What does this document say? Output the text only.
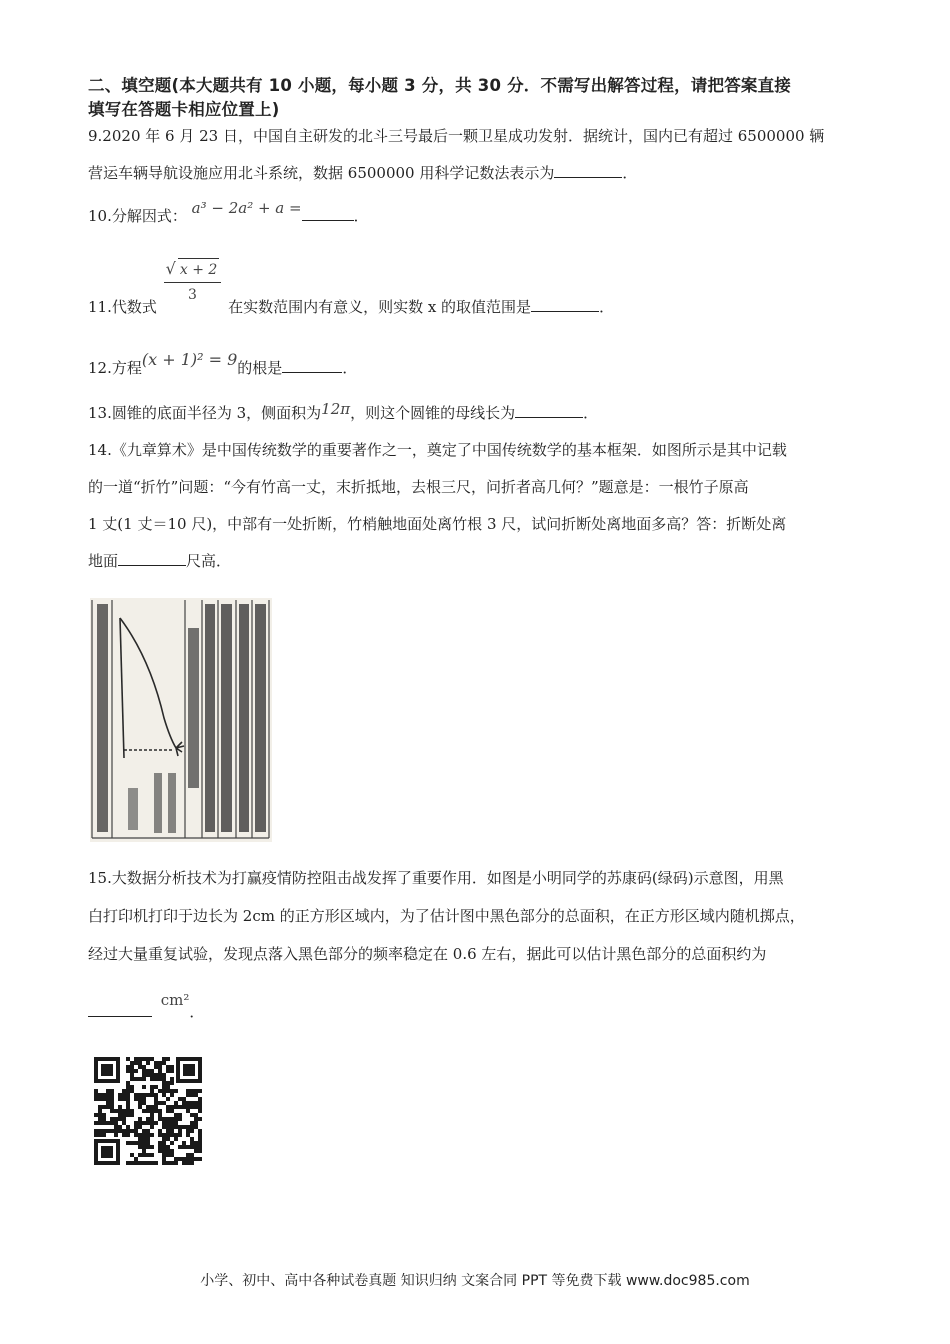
二、填空题(本大题共有 10 小题，每小题 3 分，共 30 分．不需写出解答过程，请把答案直接
填写在答题卡相应位置上)
9.2020 年 6 月 23 日，中国自主研发的北斗三号最后一颗卫星成功发射．据统计，国内已有超过 6500000 辆
营运车辆导航设施应用北斗系统，数据 6500000 用科学记数法表示为	．
10.分解因式： a³ − 2a² + a =	．
11.代数式
$\frac{√ x + 2}{3}$
在实数范围内有意义，则实数 x 的取值范围是	．
12.方程(x + 1)² = 9的根是	．
13.圆锥的底面半径为 3，侧面积为12π，则这个圆锥的母线长为	．
14.《九章算术》是中国传统数学的重要著作之一，奠定了中国传统数学的基本框架．如图所示是其中记载
的一道“折竹”问题：“今有竹高一丈，末折抵地，去根三尺，问折者高几何？”题意是：一根竹子原高
1 丈(1 丈＝10 尺)，中部有一处折断，竹梢触地面处离竹根 3 尺，试问折断处离地面多高？答：折断处离
地面	尺高．
15.大数据分析技术为打赢疫情防控阻击战发挥了重要作用．如图是小明同学的苏康码(绿码)示意图，用黑
白打印机打印于边长为 2cm 的正方形区域内，为了估计图中黑色部分的总面积，在正方形区域内随机掷点，
经过大量重复试验，发现点落入黑色部分的频率稳定在 0.6 左右，据此可以估计黑色部分的总面积约为
cm²．
小学、初中、高中各种试卷真题 知识归纳 文案合同 PPT 等免费下载 www.doc985.com
